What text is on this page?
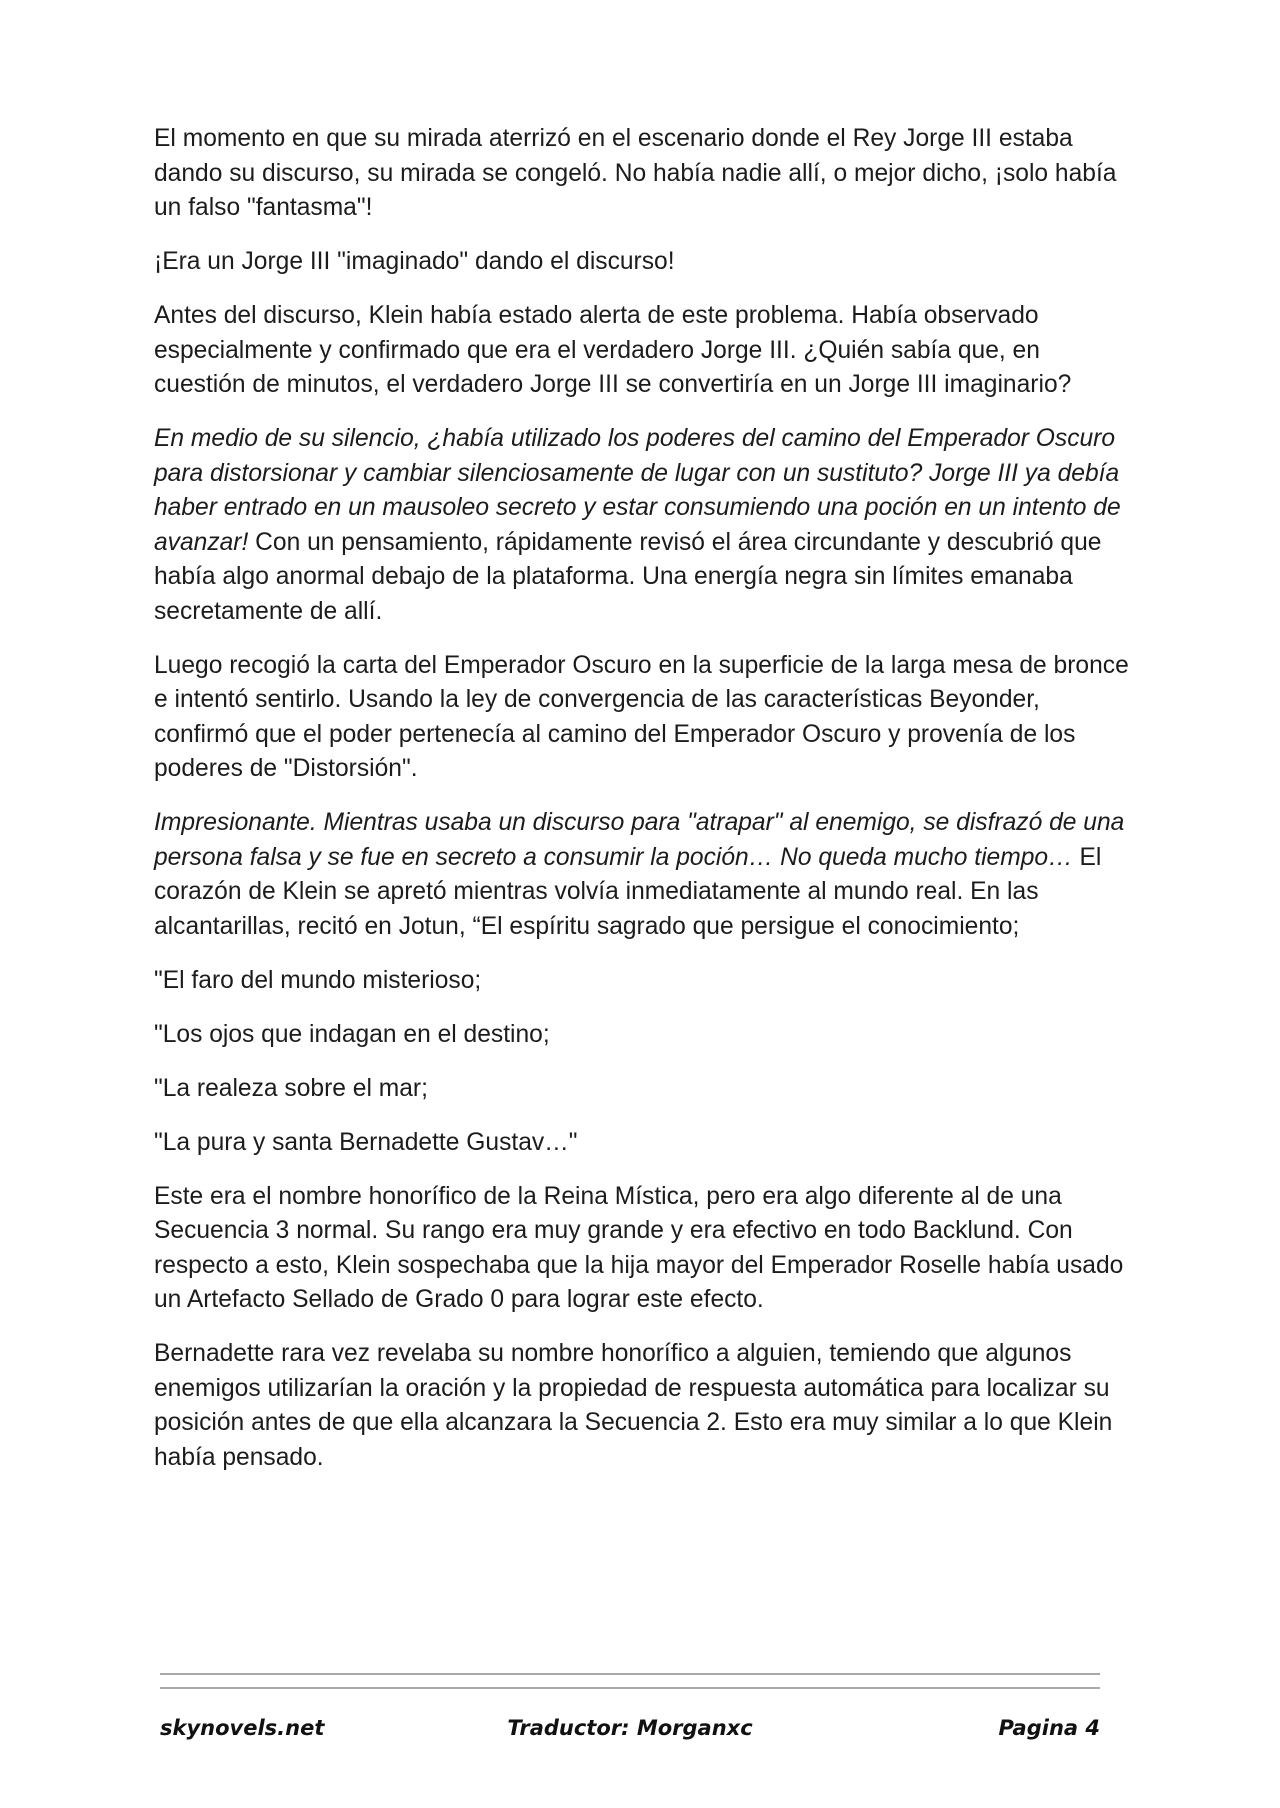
El momento en que su mirada aterrizó en el escenario donde el Rey Jorge III estaba dando su discurso, su mirada se congeló. No había nadie allí, o mejor dicho, ¡solo había un falso "fantasma"!

¡Era un Jorge III "imaginado" dando el discurso!

Antes del discurso, Klein había estado alerta de este problema. Había observado especialmente y confirmado que era el verdadero Jorge III. ¿Quién sabía que, en cuestión de minutos, el verdadero Jorge III se convertiría en un Jorge III imaginario?

En medio de su silencio, ¿había utilizado los poderes del camino del Emperador Oscuro para distorsionar y cambiar silenciosamente de lugar con un sustituto? Jorge III ya debía haber entrado en un mausoleo secreto y estar consumiendo una poción en un intento de avanzar! Con un pensamiento, rápidamente revisó el área circundante y descubrió que había algo anormal debajo de la plataforma. Una energía negra sin límites emanaba secretamente de allí.

Luego recogió la carta del Emperador Oscuro en la superficie de la larga mesa de bronce e intentó sentirlo. Usando la ley de convergencia de las características Beyonder, confirmó que el poder pertenecía al camino del Emperador Oscuro y provenía de los poderes de "Distorsión".

Impresionante. Mientras usaba un discurso para "atrapar" al enemigo, se disfrazó de una persona falsa y se fue en secreto a consumir la poción… No queda mucho tiempo… El corazón de Klein se apretó mientras volvía inmediatamente al mundo real. En las alcantarillas, recitó en Jotun, “El espíritu sagrado que persigue el conocimiento;

"El faro del mundo misterioso;

"Los ojos que indagan en el destino;

"La realeza sobre el mar;

"La pura y santa Bernadette Gustav…"

Este era el nombre honorífico de la Reina Mística, pero era algo diferente al de una Secuencia 3 normal. Su rango era muy grande y era efectivo en todo Backlund. Con respecto a esto, Klein sospechaba que la hija mayor del Emperador Roselle había usado un Artefacto Sellado de Grado 0 para lograr este efecto.

Bernadette rara vez revelaba su nombre honorífico a alguien, temiendo que algunos enemigos utilizarían la oración y la propiedad de respuesta automática para localizar su posición antes de que ella alcanzara la Secuencia 2. Esto era muy similar a lo que Klein había pensado.

skynovels.net	Traductor: Morganxc	Pagina 4
